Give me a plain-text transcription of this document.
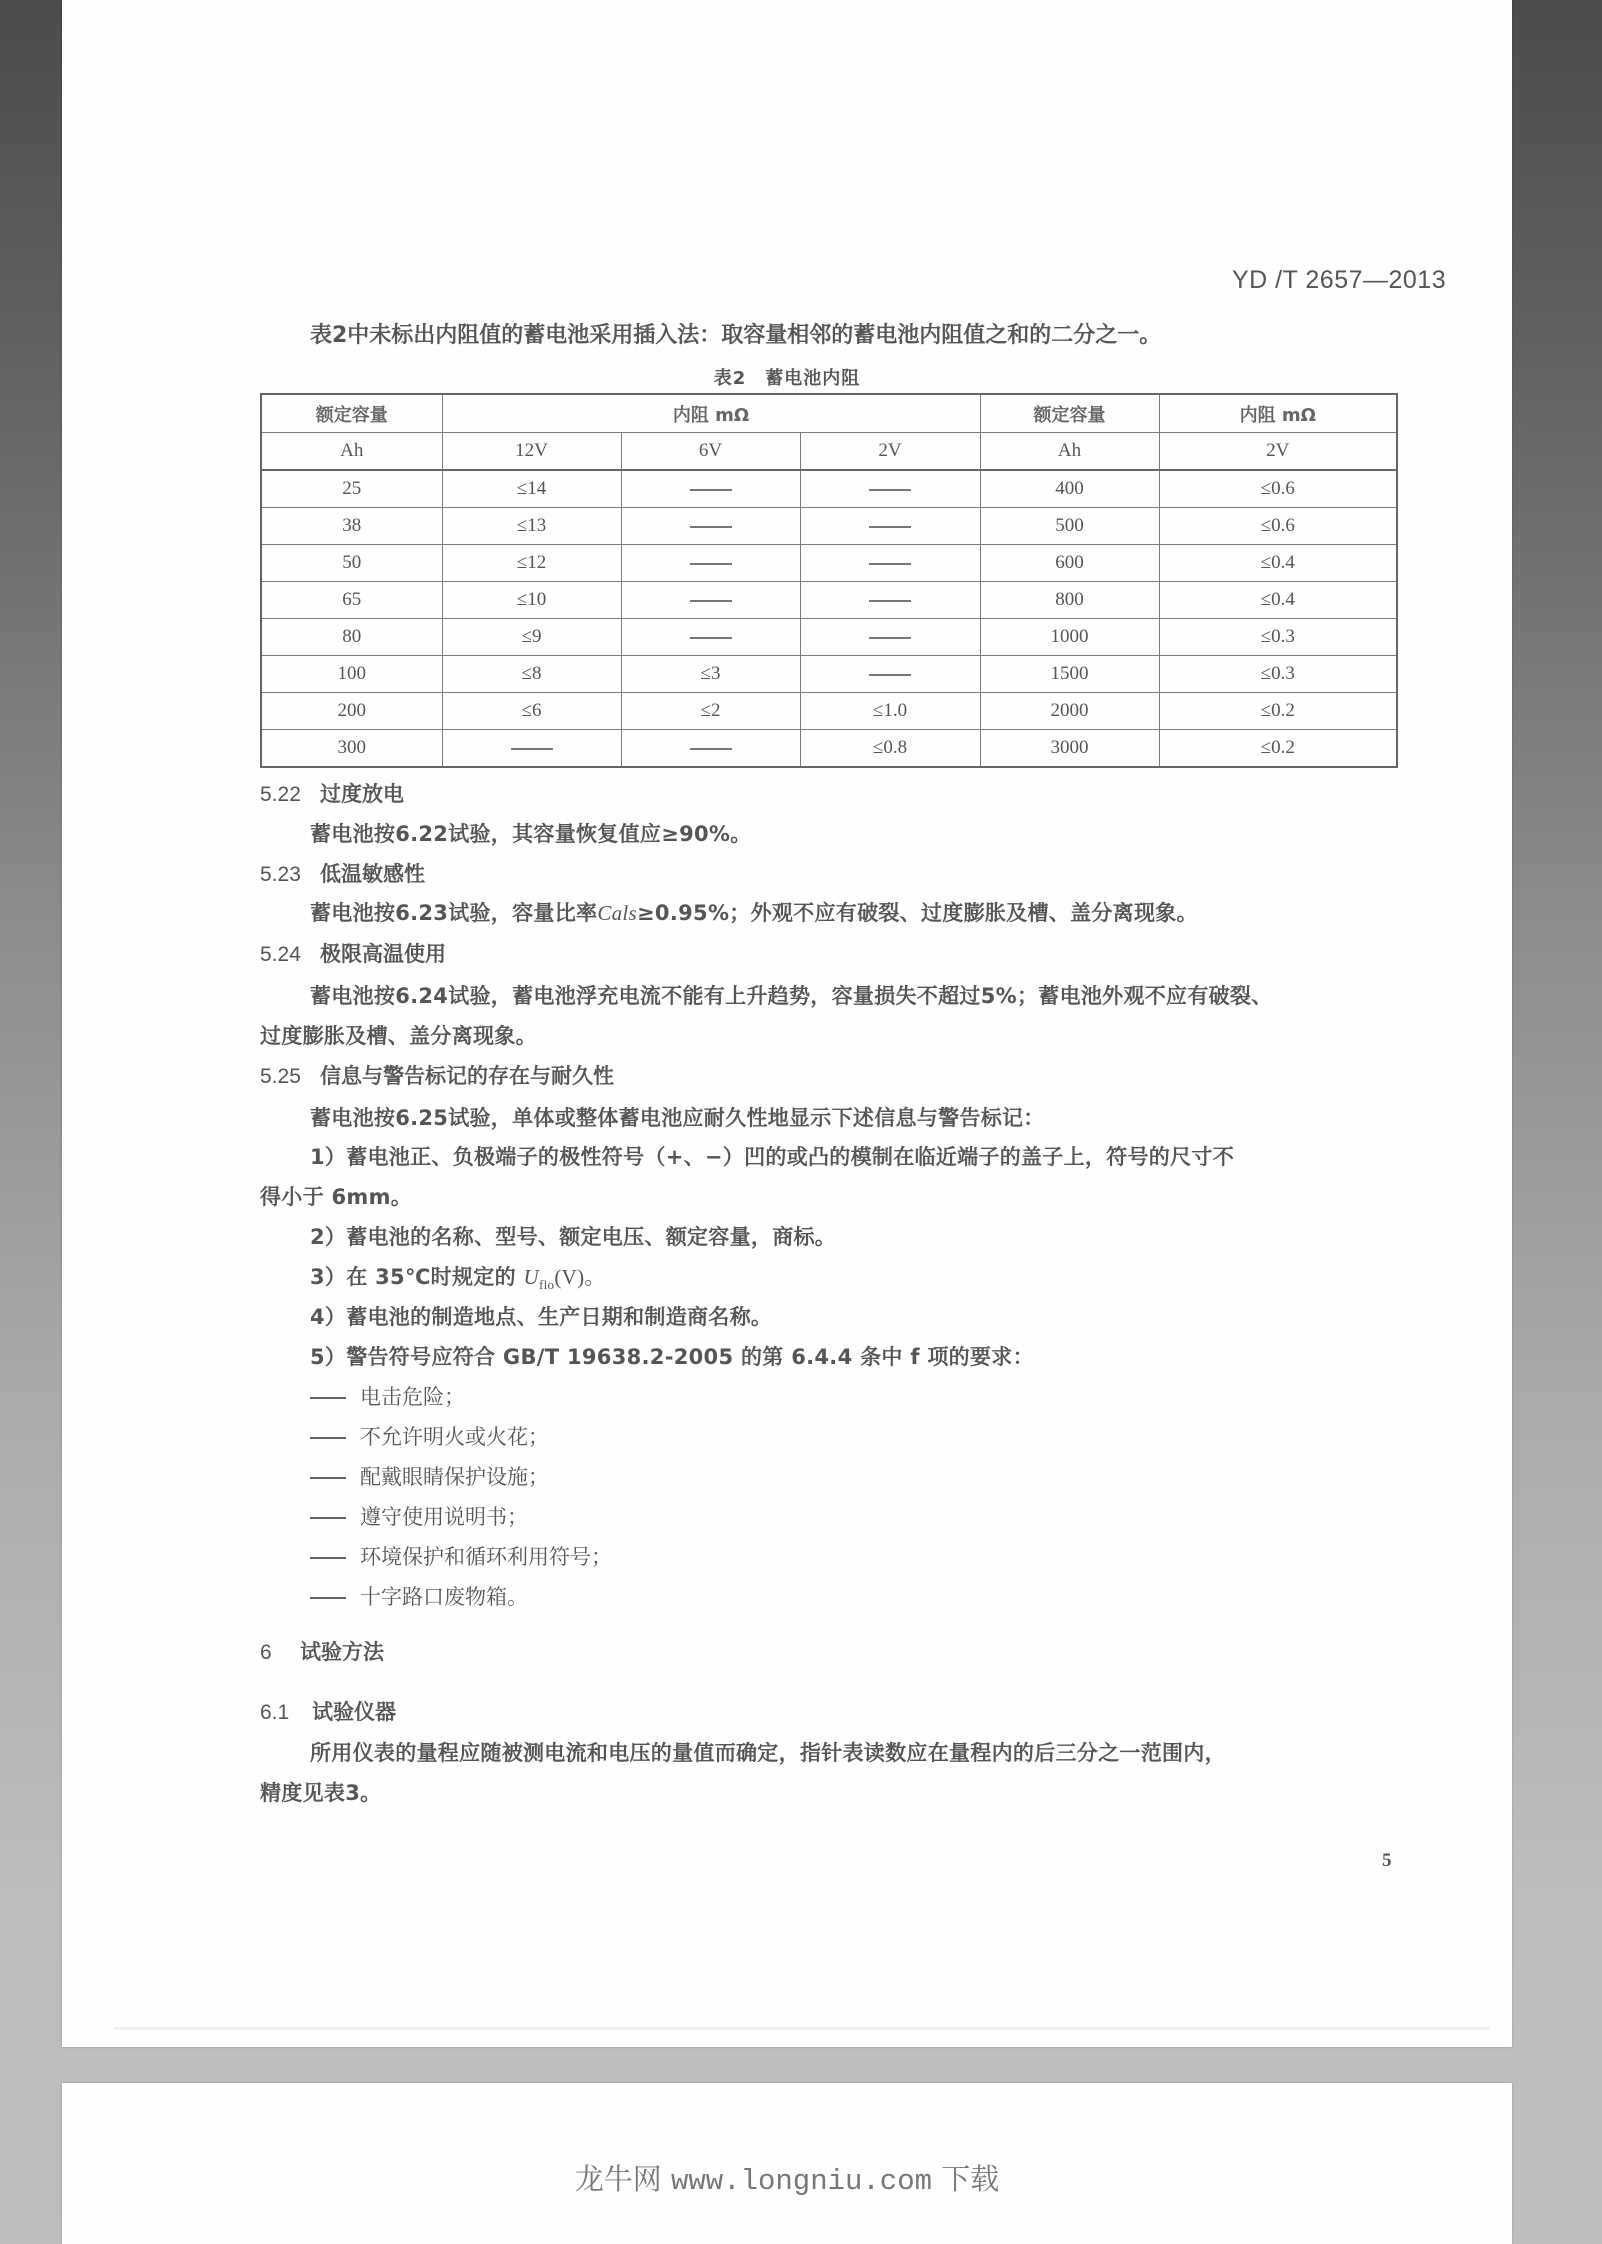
YD /T 2657—2013
表2中未标出内阻值的蓄电池采用插入法：取容量相邻的蓄电池内阻值之和的二分之一。
表2　蓄电池内阻
额定容量	内阻 mΩ			额定容量	内阻 mΩ
Ah	12V	6V	2V	Ah	2V
25	≤14			400	≤0.6
38	≤13			500	≤0.6
50	≤12			600	≤0.4
65	≤10			800	≤0.4
80	≤9			1000	≤0.3
100	≤8	≤3		1500	≤0.3
200	≤6	≤2	≤1.0	2000	≤0.2
300			≤0.8	3000	≤0.2
5.22 过度放电
蓄电池按6.22试验，其容量恢复值应≥90%。
5.23 低温敏感性
蓄电池按6.23试验，容量比率Cals≥0.95%；外观不应有破裂、过度膨胀及槽、盖分离现象。
5.24 极限高温使用
蓄电池按6.24试验，蓄电池浮充电流不能有上升趋势，容量损失不超过5%；蓄电池外观不应有破裂、
过度膨胀及槽、盖分离现象。
5.25 信息与警告标记的存在与耐久性
蓄电池按6.25试验，单体或整体蓄电池应耐久性地显示下述信息与警告标记：
1）蓄电池正、负极端子的极性符号（+、−）凹的或凸的模制在临近端子的盖子上，符号的尺寸不
得小于 6mm。
2）蓄电池的名称、型号、额定电压、额定容量，商标。
3）在 35℃时规定的 $U_{flo}(V)$。
4）蓄电池的制造地点、生产日期和制造商名称。
5）警告符号应符合 GB/T 19638.2-2005 的第 6.4.4 条中 f 项的要求：
电击危险；
不允许明火或火花；
配戴眼睛保护设施；
遵守使用说明书；
环境保护和循环利用符号；
十字路口废物箱。
6 试验方法
6.1 试验仪器
所用仪表的量程应随被测电流和电压的量值而确定，指针表读数应在量程内的后三分之一范围内，
精度见表3。
5
龙牛网 www.longniu.com 下载
